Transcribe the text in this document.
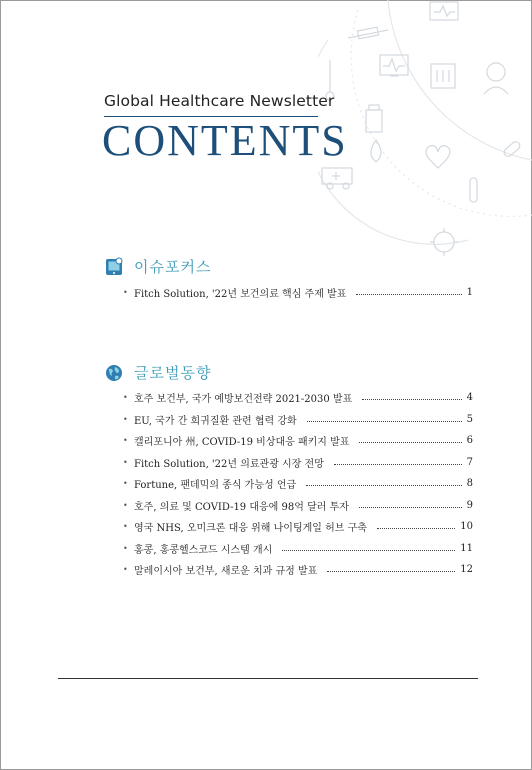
Global Healthcare Newsletter
CONTENTS
이슈포커스
• Fitch Solution, '22년 보건의료 핵심 주제 발표	1
글로벌동향
• 호주 보건부, 국가 예방보건전략 2021-2030 발표	4
• EU, 국가 간 희귀질환 관련 협력 강화	5
• 캘리포니아 州, COVID-19 비상대응 패키지 발표	6
• Fitch Solution, '22년 의료관광 시장 전망	7
• Fortune, 팬데믹의 종식 가능성 언급	8
• 호주, 의료 및 COVID-19 대응에 98억 달러 투자	9
• 영국 NHS, 오미크론 대응 위해 나이팅게일 허브 구축	10
• 홍콩, 홍콩헬스코드 시스템 개시	11
• 말레이시아 보건부, 새로운 치과 규정 발표	12
